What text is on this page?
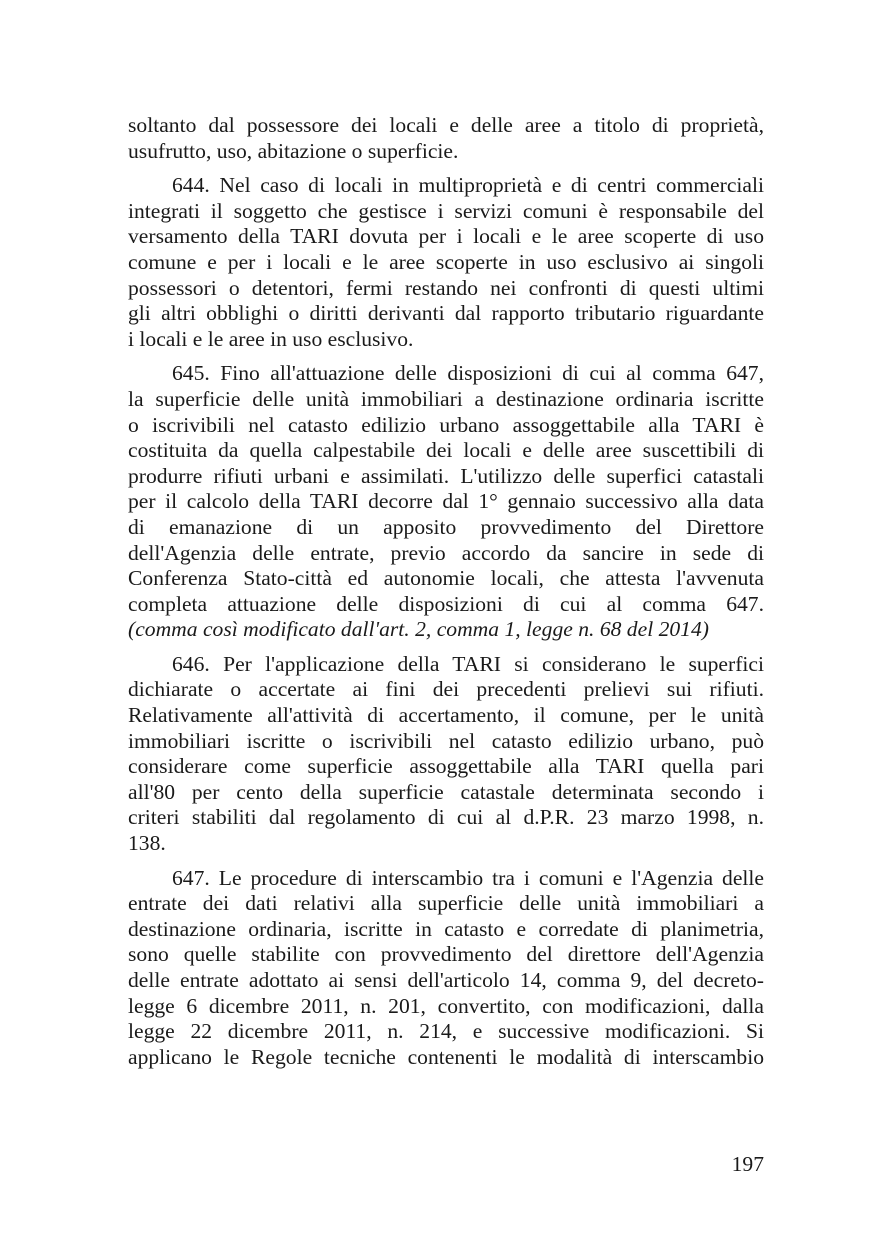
soltanto dal possessore dei locali e delle aree a titolo di proprietà,
usufrutto, uso, abitazione o superficie.

644. Nel caso di locali in multiproprietà e di centri commerciali
integrati il soggetto che gestisce i servizi comuni è responsabile del
versamento della TARI dovuta per i locali e le aree scoperte di uso
comune e per i locali e le aree scoperte in uso esclusivo ai singoli
possessori o detentori, fermi restando nei confronti di questi ultimi
gli altri obblighi o diritti derivanti dal rapporto tributario riguardante
i locali e le aree in uso esclusivo.

645. Fino all'attuazione delle disposizioni di cui al comma 647,
la superficie delle unità immobiliari a destinazione ordinaria iscritte
o iscrivibili nel catasto edilizio urbano assoggettabile alla TARI è
costituita da quella calpestabile dei locali e delle aree suscettibili di
produrre rifiuti urbani e assimilati. L'utilizzo delle superfici catastali
per il calcolo della TARI decorre dal 1° gennaio successivo alla data
di emanazione di un apposito provvedimento del Direttore
dell'Agenzia delle entrate, previo accordo da sancire in sede di
Conferenza Stato-città ed autonomie locali, che attesta l'avvenuta
completa attuazione delle disposizioni di cui al comma 647.
(comma così modificato dall'art. 2, comma 1, legge n. 68 del 2014)

646. Per l'applicazione della TARI si considerano le superfici
dichiarate o accertate ai fini dei precedenti prelievi sui rifiuti.
Relativamente all'attività di accertamento, il comune, per le unità
immobiliari iscritte o iscrivibili nel catasto edilizio urbano, può
considerare come superficie assoggettabile alla TARI quella pari
all'80 per cento della superficie catastale determinata secondo i
criteri stabiliti dal regolamento di cui al d.P.R. 23 marzo 1998, n.
138.

647. Le procedure di interscambio tra i comuni e l'Agenzia delle
entrate dei dati relativi alla superficie delle unità immobiliari a
destinazione ordinaria, iscritte in catasto e corredate di planimetria,
sono quelle stabilite con provvedimento del direttore dell'Agenzia
delle entrate adottato ai sensi dell'articolo 14, comma 9, del decreto-
legge 6 dicembre 2011, n. 201, convertito, con modificazioni, dalla
legge 22 dicembre 2011, n. 214, e successive modificazioni. Si
applicano le Regole tecniche contenenti le modalità di interscambio

197
